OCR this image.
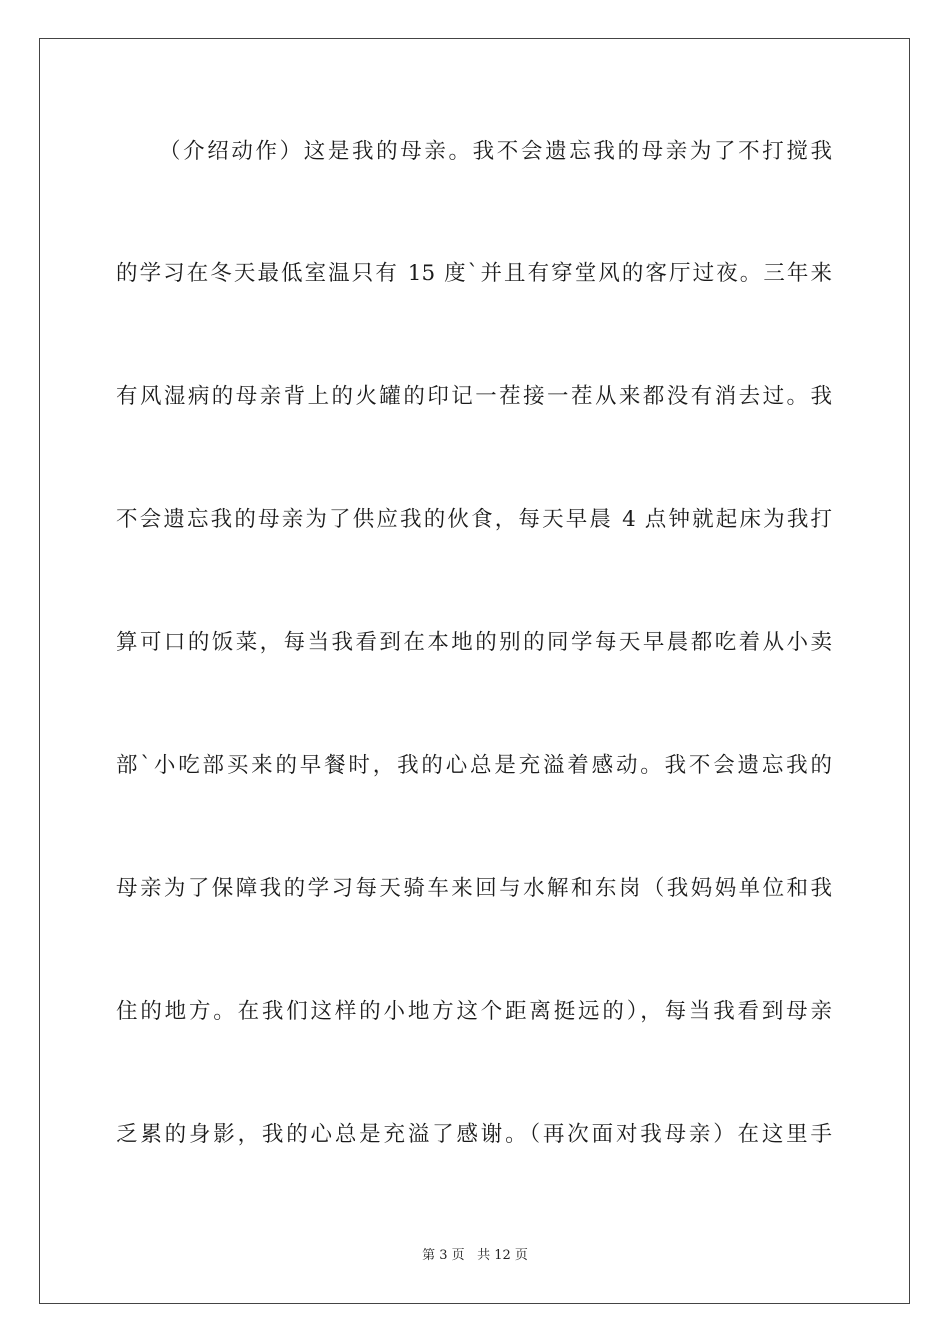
（介绍动作）这是我的母亲。我不会遗忘我的母亲为了不打搅我
的学习在冬天最低室温只有 15 度`并且有穿堂风的客厅过夜。三年来
有风湿病的母亲背上的火罐的印记一茬接一茬从来都没有消去过。我
不会遗忘我的母亲为了供应我的伙食，每天早晨 4 点钟就起床为我打
算可口的饭菜，每当我看到在本地的别的同学每天早晨都吃着从小卖
部`小吃部买来的早餐时，我的心总是充溢着感动。我不会遗忘我的
母亲为了保障我的学习每天骑车来回与水解和东岗（我妈妈单位和我
住的地方。在我们这样的小地方这个距离挺远的），每当我看到母亲
乏累的身影，我的心总是充溢了感谢。（再次面对我母亲）在这里手
第 3 页 共 12 页
